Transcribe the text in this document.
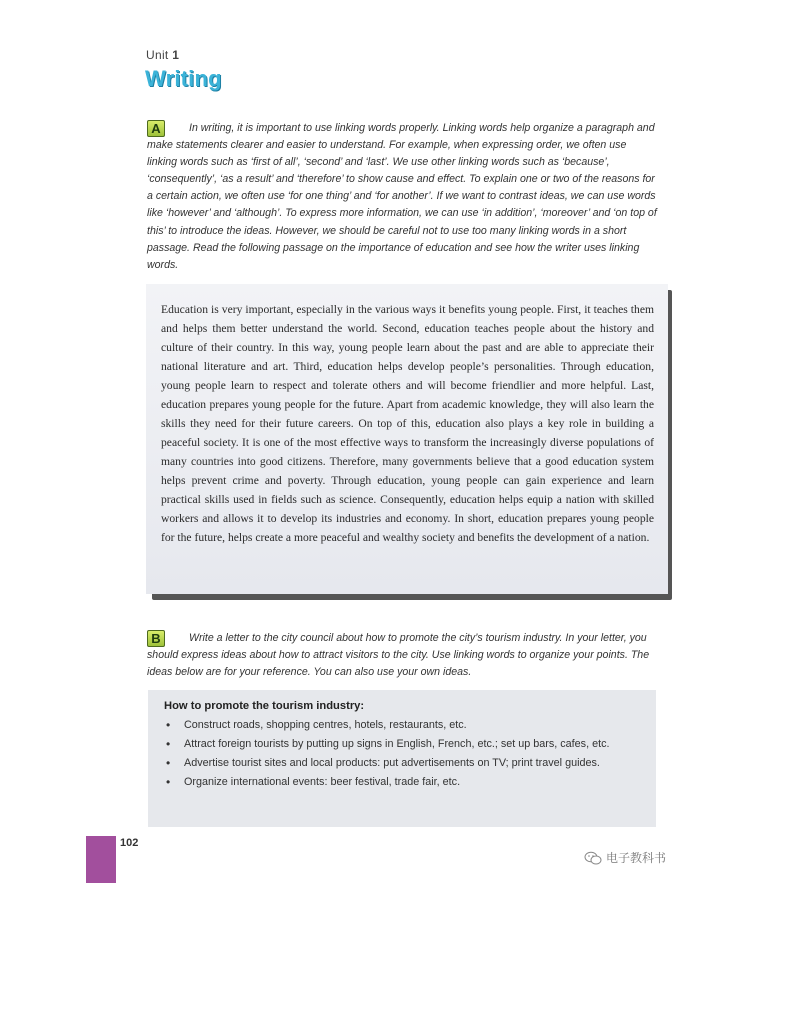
Unit 1
Writing
A	In writing, it is important to use linking words properly. Linking words help organize a paragraph and make statements clearer and easier to understand. For example, when expressing order, we often use linking words such as ‘first of all’, ‘second’ and ‘last’. We use other linking words such as ‘because’, ‘consequently’, ‘as a result’ and ‘therefore’ to show cause and effect. To explain one or two of the reasons for a certain action, we often use ‘for one thing’ and ‘for another’. If we want to contrast ideas, we can use words like ‘however’ and ‘although’. To express more information, we can use ‘in addition’, ‘moreover’ and ‘on top of this’ to introduce the ideas. However, we should be careful not to use too many linking words in a short passage. Read the following passage on the importance of education and see how the writer uses linking words.

Education is very important, especially in the various ways it benefits young people. First, it teaches them and helps them better understand the world. Second, education teaches people about the history and culture of their country. In this way, young people learn about the past and are able to appreciate their national literature and art. Third, education helps develop people’s personalities. Through education, young people learn to respect and tolerate others and will become friendlier and more helpful. Last, education prepares young people for the future. Apart from academic knowledge, they will also learn the skills they need for their future careers. On top of this, education also plays a key role in building a peaceful society. It is one of the most effective ways to transform the increasingly diverse populations of many countries into good citizens. Therefore, many governments believe that a good education system helps prevent crime and poverty. Through education, young people can gain experience and learn practical skills used in fields such as science. Consequently, education helps equip a nation with skilled workers and allows it to develop its industries and economy. In short, education prepares young people for the future, helps create a more peaceful and wealthy society and benefits the development of a nation.

B	Write a letter to the city council about how to promote the city’s tourism industry. In your letter, you should express ideas about how to attract visitors to the city. Use linking words to organize your points. The ideas below are for your reference. You can also use your own ideas.
How to promote the tourism industry:
• Construct roads, shopping centres, hotels, restaurants, etc.
• Attract foreign tourists by putting up signs in English, French, etc.; set up bars, cafes, etc.
• Advertise tourist sites and local products: put advertisements on TV; print travel guides.
• Organize international events: beer festival, trade fair, etc.
102
电子教科书
